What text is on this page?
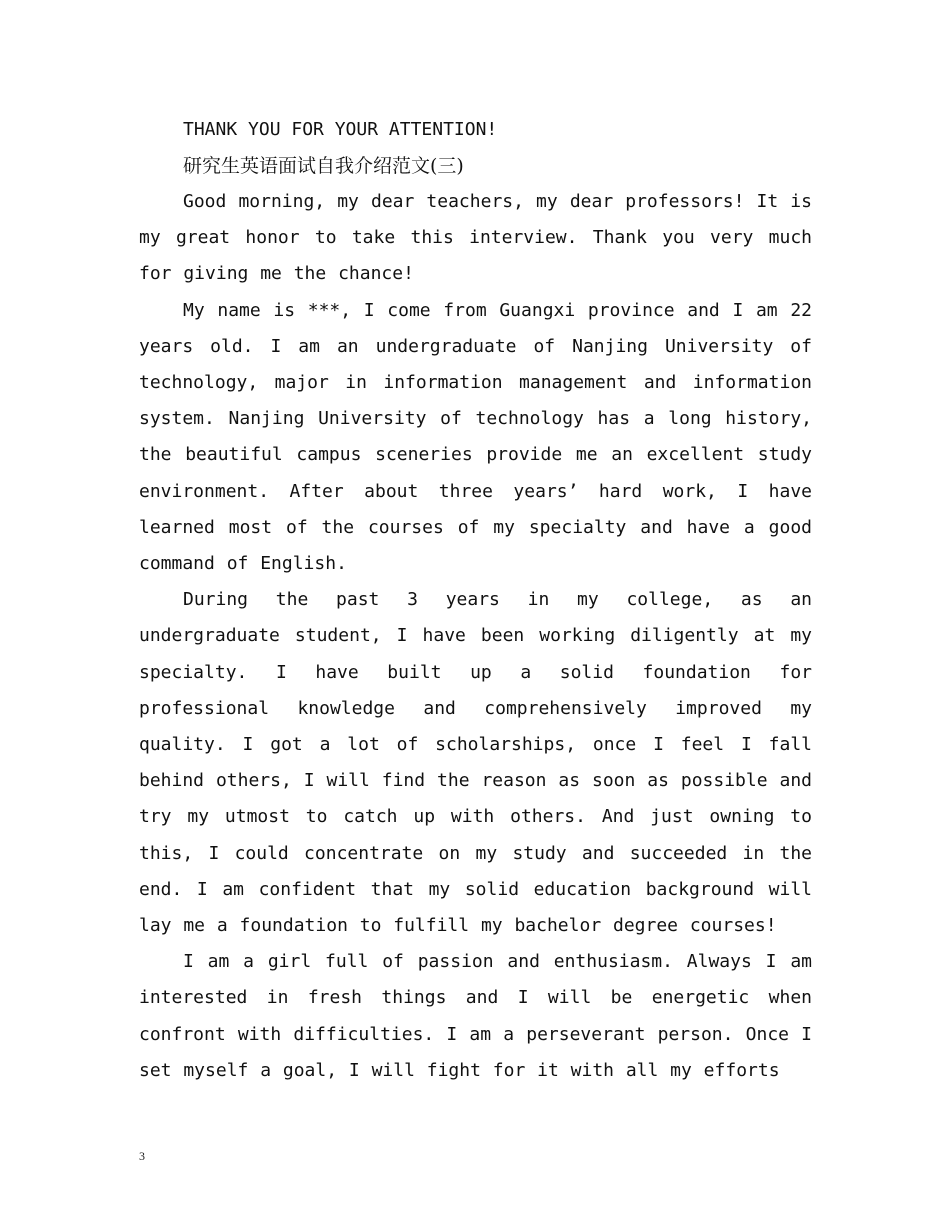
THANK YOU FOR YOUR ATTENTION!

研究生英语面试自我介绍范文(三)

Good morning, my dear teachers, my dear professors! It is my great honor to take this interview. Thank you very much for giving me the chance!

My name is ***, I come from Guangxi province and I am 22 years old. I am an undergraduate of Nanjing University of technology, major in information management and information system. Nanjing University of technology has a long history, the beautiful campus sceneries provide me an excellent study environment. After about three years’ hard work, I have learned most of the courses of my specialty and have a good command of English.

During the past 3 years in my college, as an undergraduate student, I have been working diligently at my specialty. I have built up a solid foundation for professional knowledge and comprehensively improved my quality. I got a lot of scholarships, once I feel I fall behind others, I will find the reason as soon as possible and try my utmost to catch up with others. And just owning to this, I could concentrate on my study and succeeded in the end. I am confident that my solid education background will lay me a foundation to fulfill my bachelor degree courses!

I am a girl full of passion and enthusiasm. Always I am interested in fresh things and I will be energetic when confront with difficulties. I am a perseverant person. Once I set myself a goal, I will fight for it with all my efforts

3
